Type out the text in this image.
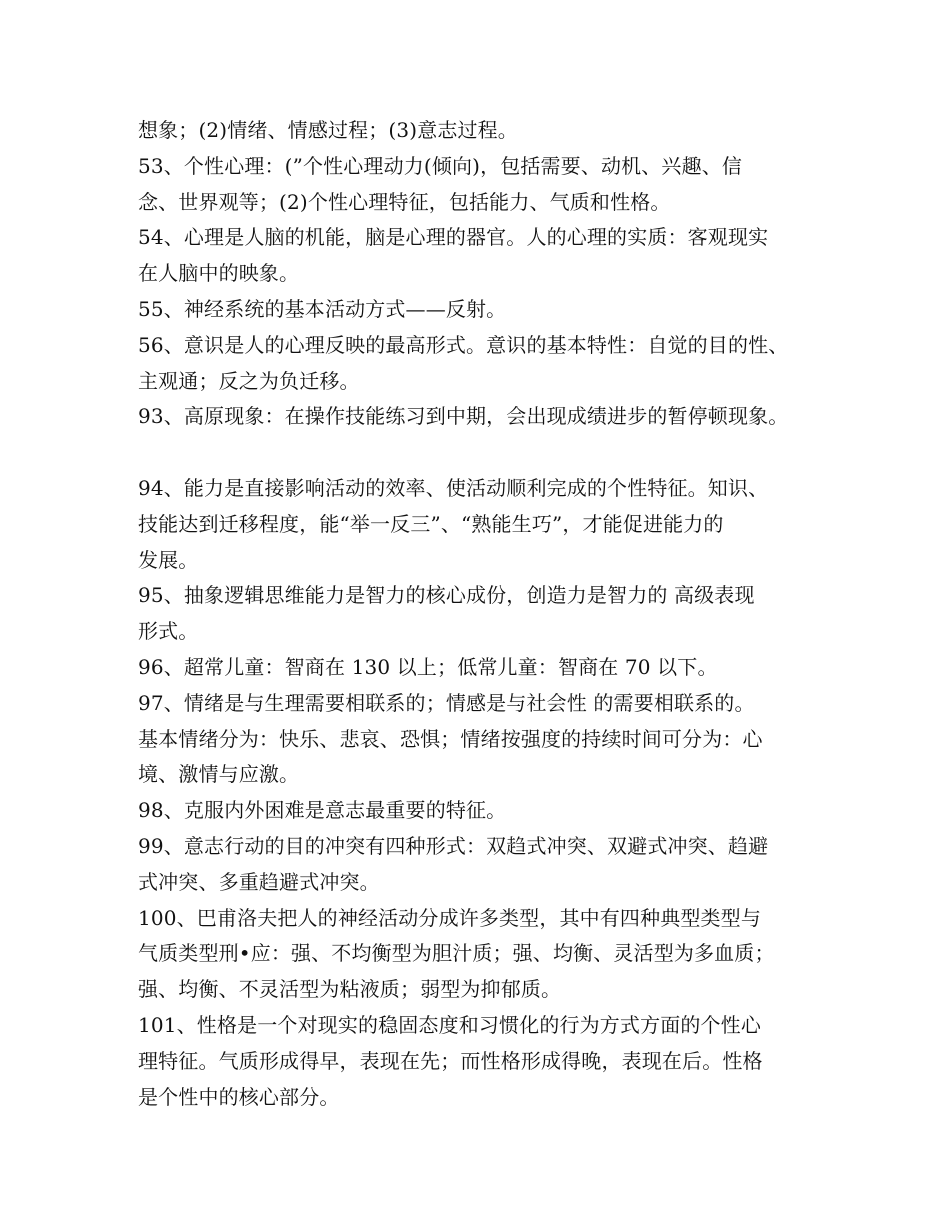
想象；(2)情绪、情感过程；(3)意志过程。
53、个性心理：(”个性心理动力(倾向)，包括需要、动机、兴趣、信
念、世界观等；(2)个性心理特征，包括能力、气质和性格。
54、心理是人脑的机能，脑是心理的器官。人的心理的实质：客观现实
在人脑中的映象。
55、神经系统的基本活动方式——反射。
56、意识是人的心理反映的最高形式。意识的基本特性：自觉的目的性、
主观通；反之为负迁移。
93、高原现象：在操作技能练习到中期，会出现成绩进步的暂停顿现象。
94、能力是直接影响活动的效率、使活动顺利完成的个性特征。知识、
技能达到迁移程度，能“举一反三”、“熟能生巧”，才能促进能力的
发展。
95、抽象逻辑思维能力是智力的核心成份，创造力是智力的 高级表现
形式。
96、超常儿童：智商在 130 以上；低常儿童：智商在 70 以下。
97、情绪是与生理需要相联系的；情感是与社会性 的需要相联系的。
基本情绪分为：快乐、悲哀、恐惧；情绪按强度的持续时间可分为：心
境、激情与应激。
98、克服内外困难是意志最重要的特征。
99、意志行动的目的冲突有四种形式：双趋式冲突、双避式冲突、趋避
式冲突、多重趋避式冲突。
100、巴甫洛夫把人的神经活动分成许多类型，其中有四种典型类型与
气质类型刑•应：强、不均衡型为胆汁质；强、均衡、灵活型为多血质；
强、均衡、不灵活型为粘液质；弱型为抑郁质。
101、性格是一个对现实的稳固态度和习惯化的行为方式方面的个性心
理特征。气质形成得早，表现在先；而性格形成得晚，表现在后。性格
是个性中的核心部分。
